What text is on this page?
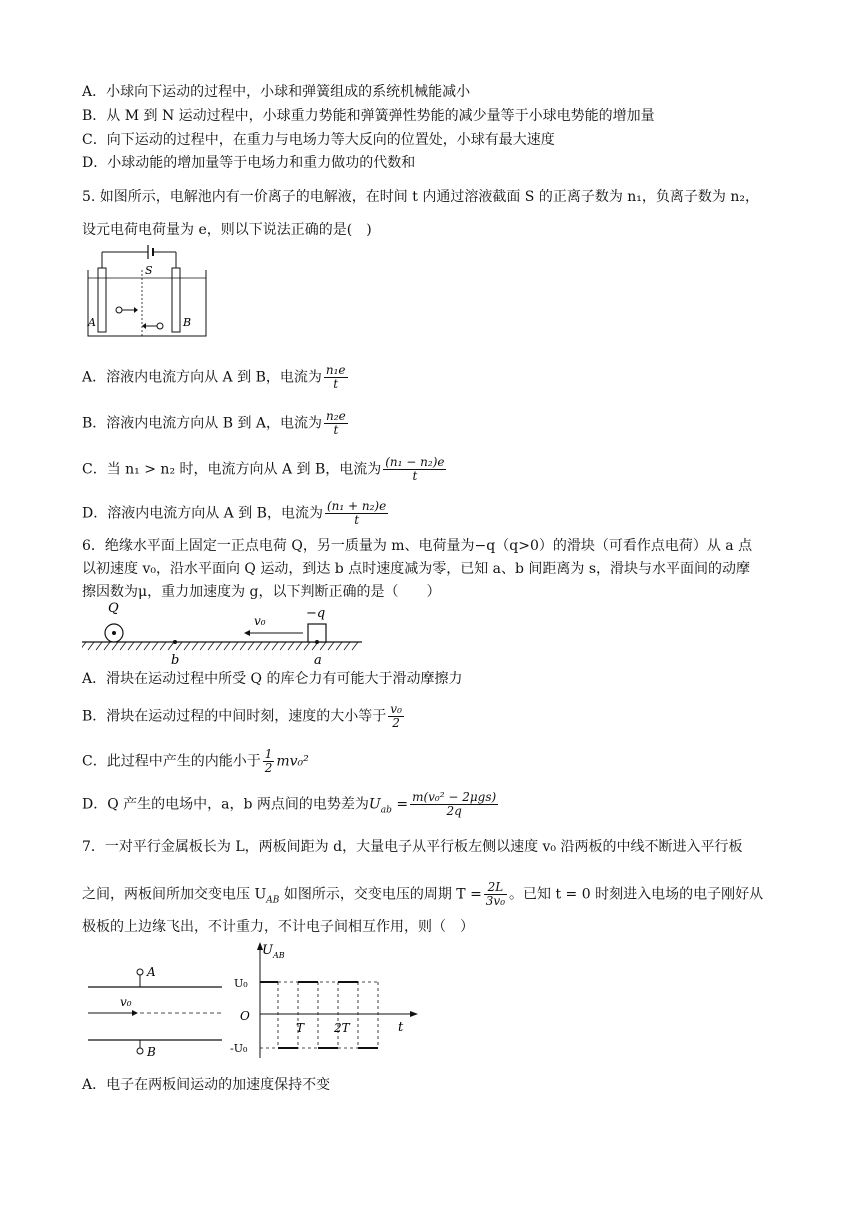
A．小球向下运动的过程中，小球和弹簧组成的系统机械能减小
B．从 M 到 N 运动过程中，小球重力势能和弹簧弹性势能的减少量等于小球电势能的增加量
C．向下运动的过程中，在重力与电场力等大反向的位置处，小球有最大速度
D．小球动能的增加量等于电场力和重力做功的代数和
5. 如图所示，电解池内有一价离子的电解液，在时间 t 内通过溶液截面 S 的正离子数为 n₁，负离子数为 n₂，
设元电荷电荷量为 e，则以下说法正确的是(　)
A	B
S
A．溶液内电流方向从 A 到 B，电流为 $\frac{\text{n₁e}}{t}$
B．溶液内电流方向从 B 到 A，电流为 $\frac{\text{n₂e}}{t}$
C．当 n₁ > n₂ 时，电流方向从 A 到 B，电流为 $\frac{\text{(n₁ − n₂)e}}{t}$
D．溶液内电流方向从 A 到 B，电流为 $\frac{\text{(n₁ + n₂)e}}{t}$
6．绝缘水平面上固定一正点电荷 Q，另一质量为 m、电荷量为−q（q>0）的滑块（可看作点电荷）从 a 点
以初速度 v₀，沿水平面向 Q 运动，到达 b 点时速度减为零，已知 a、b 间距离为 s，滑块与水平面间的动摩
擦因数为μ，重力加速度为 g，以下判断正确的是（　　）
Q	−q
v₀
b	a
A．滑块在运动过程中所受 Q 的库仑力有可能大于滑动摩擦力
B．滑块在运动过程的中间时刻，速度的大小等于 $\frac{\text{v₀}}{2}$
C．此过程中产生的内能小于 $\frac{1}{2} mv_0^2$
D．Q 产生的电场中，a，b 两点间的电势差为$U_{ab} = \frac{\text{m(v₀² − 2μgs)}}{2q}$
7．一对平行金属板长为 L，两板间距为 d，大量电子从平行板左侧以速度 v₀ 沿两板的中线不断进入平行板
之间，两板间所加交变电压 $U_{AB}$ 如图所示，交变电压的周期 $T = \frac{2L}{\text{3v₀}}$ 。已知 t = 0 时刻进入电场的电子刚好从
极板的上边缘飞出，不计重力，不计电子间相互作用，则（　）
A
B
v₀
U AB
U₀
O
-U₀
T 2T	t
A．电子在两板间运动的加速度保持不变
